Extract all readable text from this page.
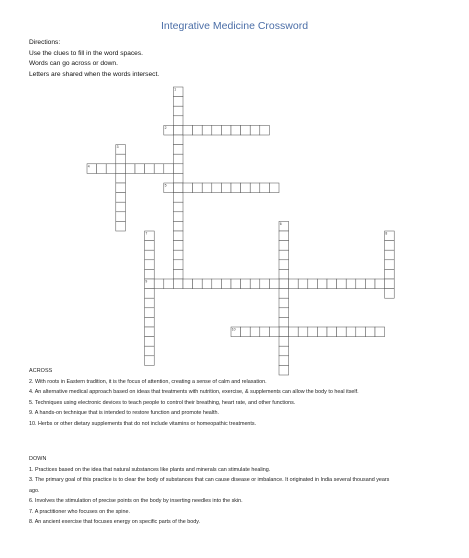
Integrative Medicine Crossword
Directions:
Use the clues to fill in the word spaces.
Words can go across or down.
Letters are shared when the words intersect.
1
2
3
4
5
6
7
9
8
10
ACROSS
2. With roots in Eastern tradition, it is the focus of attention, creating a sense of calm and relaxation.
4. An alternative medical approach based on ideas that treatments with nutrition, exercise, & supplements can allow the body to heal itself.
5. Techniques using electronic devices to teach people to control their breathing, heart rate, and other functions.
9. A hands-on technique that is intended to restore function and promote health.
10. Herbs or other dietary supplements that do not include vitamins or homeopathic treatments.
DOWN
1. Practices based on the idea that natural substances like plants and minerals can stimulate healing.
3. The primary goal of this practice is to clear the body of substances that can cause disease or imbalance. It originated in India several thousand years ago.
6. Involves the stimulation of precise points on the body by inserting needles into the skin.
7. A practitioner who focuses on the spine.
8. An ancient exercise that focuses energy on specific parts of the body.
